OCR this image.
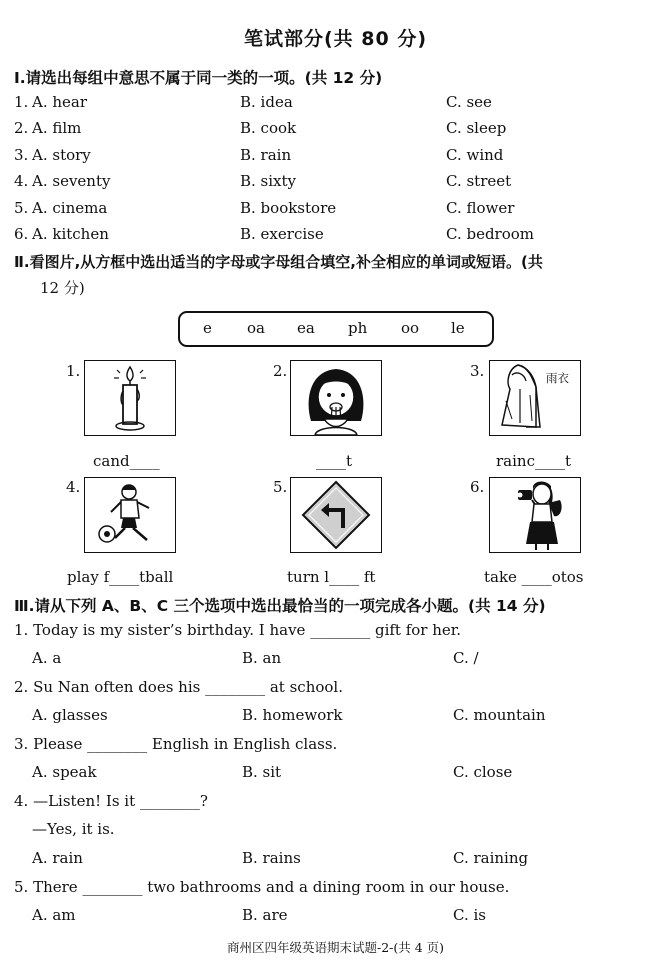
笔试部分(共 80 分)
Ⅰ.请选出每组中意思不属于同一类的一项。(共 12 分)
1. A. hear	B. idea	C. see
2. A. film	B. cook	C. sleep
3. A. story	B. rain	C. wind
4. A. seventy	B. sixty	C. street
5. A. cinema	B. bookstore	C. flower
6. A. kitchen	B. exercise	C. bedroom
Ⅱ.看图片,从方框中选出适当的字母或字母组合填空,补全相应的单词或短语。(共
12 分)
e oa ea ph oo le
1.
cand____
2.
____t
3.	雨衣
rainc____t
4.
play f____tball
5.
turn l____ ft
6.
take ____otos
Ⅲ.请从下列 A、B、C 三个选项中选出最恰当的一项完成各小题。(共 14 分)
1. Today is my sister’s birthday. I have ________ gift for her.
A. a	B. an	C. /
2. Su Nan often does his ________ at school.
A. glasses	B. homework	C. mountain
3. Please ________ English in English class.
A. speak	B. sit	C. close
4. —Listen! Is it ________?
—Yes, it is.
A. rain	B. rains	C. raining
5. There ________ two bathrooms and a dining room in our house.
A. am	B. are	C. is
商州区四年级英语期末试题-2-(共 4 页)
